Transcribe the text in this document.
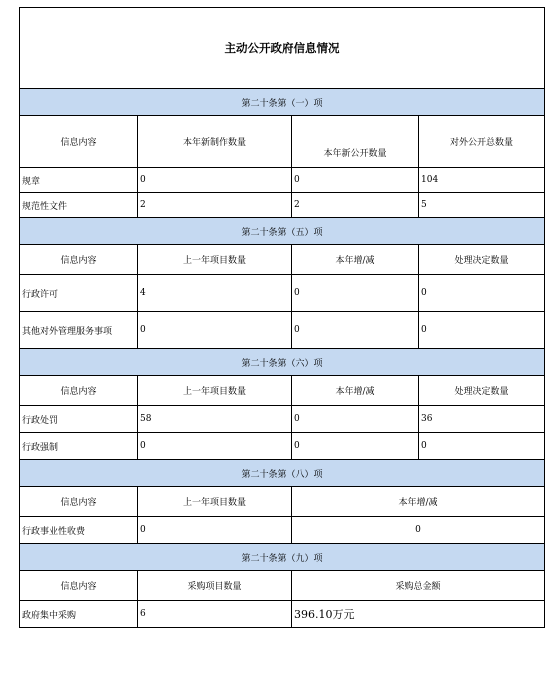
主动公开政府信息情况			
第二十条第（一）项			
信息内容	本年新制作数量	本年新公开数量	对外公开总数量
规章	0	0	104
规范性文件	2	2	5
第二十条第（五）项			
信息内容	上一年项目数量	本年增/减	处理决定数量
行政许可	4	0	0
其他对外管理服务事项	0	0	0
第二十条第（六）项			
信息内容	上一年项目数量	本年增/减	处理决定数量
行政处罚	58	0	36
行政强制	0	0	0
第二十条第（八）项			
信息内容	上一年项目数量	本年增/减	
行政事业性收费	0	0	
第二十条第（九）项			
信息内容	采购项目数量	采购总金额	
政府集中采购	6	396.10万元	
